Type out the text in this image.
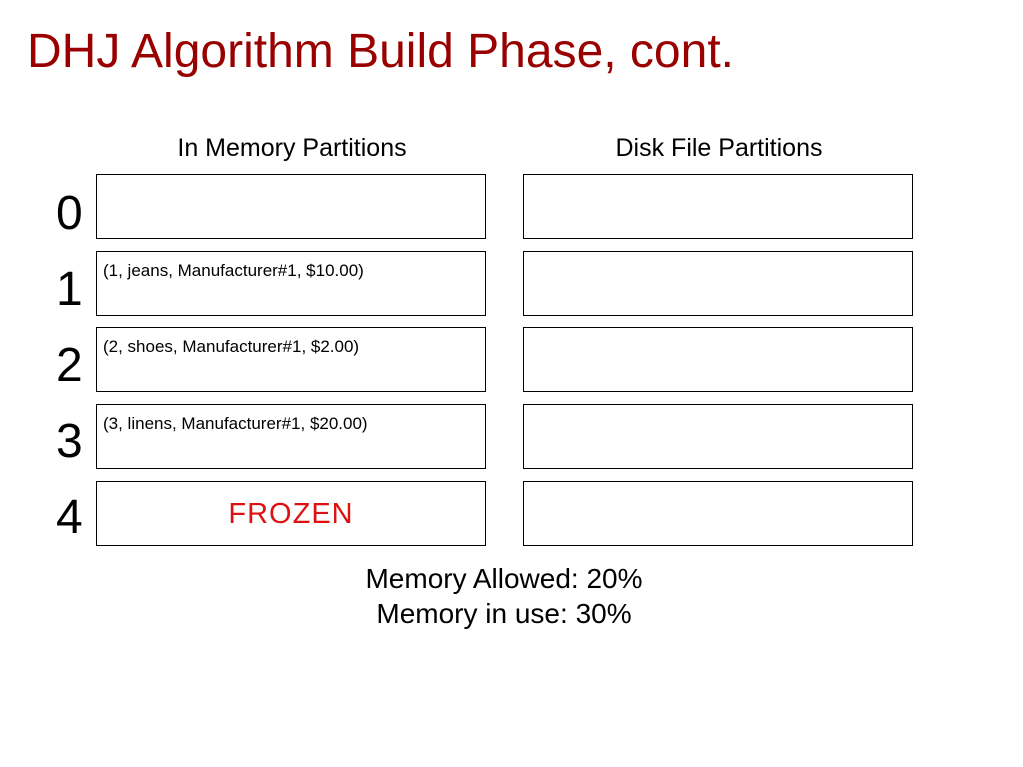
DHJ Algorithm Build Phase, cont.
In Memory Partitions	Disk File Partitions
0
1	(1, jeans, Manufacturer#1, $10.00)
2	(2, shoes, Manufacturer#1, $2.00)
3	(3, linens, Manufacturer#1, $20.00)
4	FROZEN
Memory Allowed: 20%
Memory in use: 30%
